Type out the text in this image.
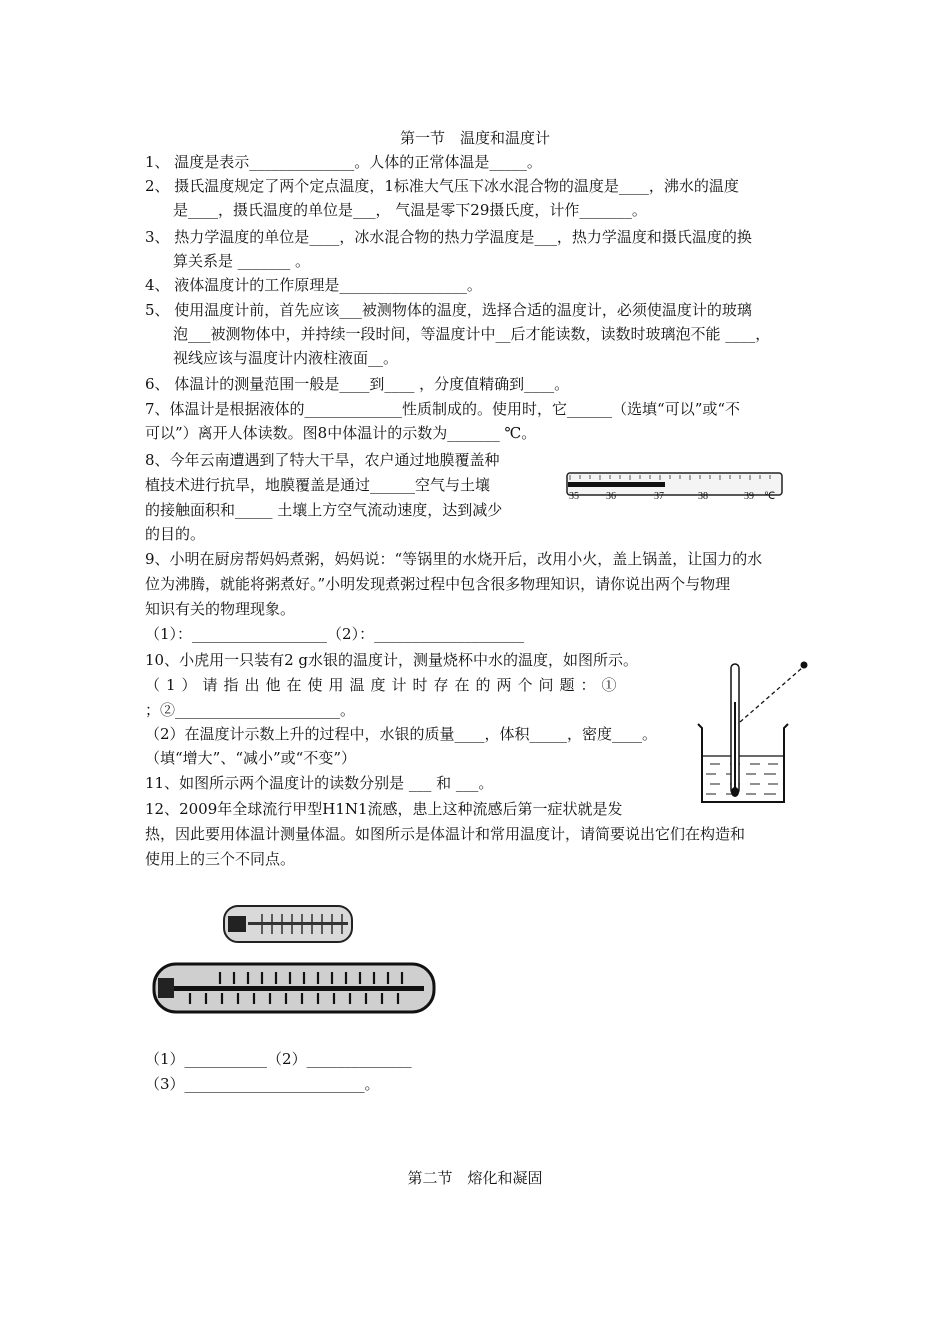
第一节　温度和温度计
1、 温度是表示______________。人体的正常体温是_____。
2、 摄氏温度规定了两个定点温度，1标准大气压下冰水混合物的温度是____，沸水的温度
是____，摄氏温度的单位是___， 气温是零下29摄氏度，计作_______。
3、 热力学温度的单位是____，冰水混合物的热力学温度是___，热力学温度和摄氏温度的换
算关系是 _______ 。
4、 液体温度计的工作原理是_________________。
5、 使用温度计前，首先应该___被测物体的温度，选择合适的温度计，必须使温度计的玻璃
泡___被测物体中，并持续一段时间，等温度计中__后才能读数，读数时玻璃泡不能 ____，
视线应该与温度计内液柱液面__。
6、 体温计的测量范围一般是____到____ ，分度值精确到____。
7、体温计是根据液体的_____________性质制成的。使用时，它______（选填“可以”或“不
可以”）离开人体读数。图8中体温计的示数为_______ ℃。
8、今年云南遭遇到了特大干旱，农户通过地膜覆盖种
植技术进行抗旱，地膜覆盖是通过______空气与土壤
的接触面积和_____ 土壤上方空气流动速度，达到减少
的目的。
35	36	37	38	39 ℃
9、小明在厨房帮妈妈煮粥，妈妈说：“等锅里的水烧开后，改用小火，盖上锅盖，让国力的水
位为沸腾，就能将粥煮好。”小明发现煮粥过程中包含很多物理知识，请你说出两个与物理
知识有关的物理现象。
（1）：__________________（2）：____________________
10、小虎用一只装有2 g水银的温度计，测量烧杯中水的温度，如图所示。
（1）请指出他在使用温度计时存在的两个问题：①
；②______________________。
（2）在温度计示数上升的过程中，水银的质量____，体积_____，密度____。
（填“增大”、“减小”或“不变”）
11、如图所示两个温度计的读数分别是 ___ 和 ___。
12、2009年全球流行甲型H1N1流感，患上这种流感后第一症状就是发
热，因此要用体温计测量体温。如图所示是体温计和常用温度计，请简要说出它们在构造和
使用上的三个不同点。
（1）___________（2）______________
（3）________________________。
第二节　熔化和凝固
